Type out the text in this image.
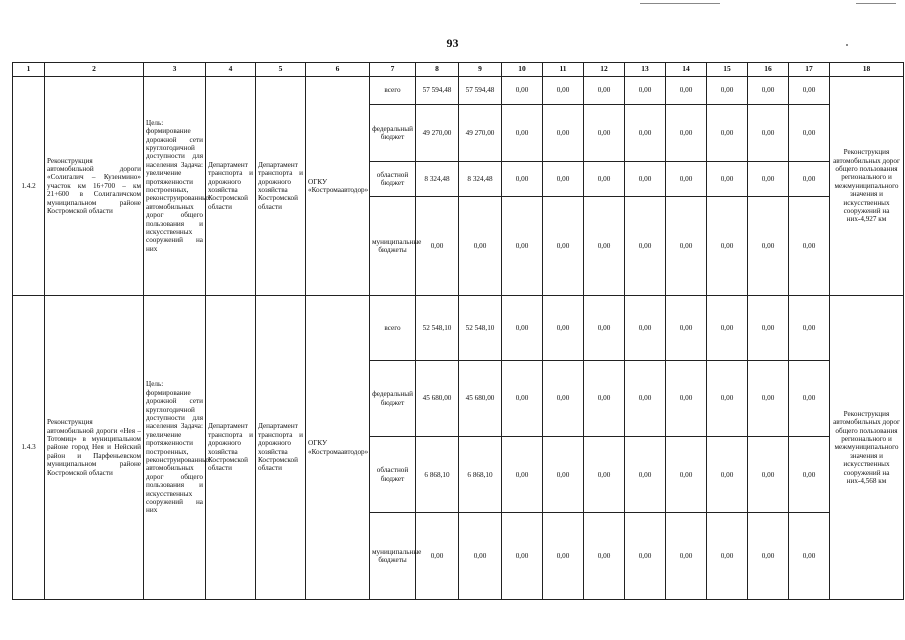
93
1	2	3	4	5	6	7	8	9	10	11	12	13	14	15	16	17	18
1.4.2	Реконструкция автомобильной дороги «Солигалич – Кузенмино» участок км 16+700 – км 21+600 в Солигаличском муниципальном районе Костромской области	Цель: формирование дорожной сети круглогодичной доступности для населения Задача: увеличение протяженности построенных, реконструированных автомобильных дорог общего пользования и искусственных сооружений на них	Департамент транспорта и дорожного хозяйства Костромской области	Департамент транспорта и дорожного хозяйства Костромской области	ОГКУ «Костромаавтодор»	всего	57 594,48	57 594,48	0,00	0,00	0,00	0,00	0,00	0,00	0,00	0,00	Реконструкция автомобильных дорог общего пользования регионального и межмуниципального значения и искусственных сооружений на них-4,927 км
						федеральный бюджет	49 270,00	49 270,00	0,00	0,00	0,00	0,00	0,00	0,00	0,00	0,00	
						областной бюджет	8 324,48	8 324,48	0,00	0,00	0,00	0,00	0,00	0,00	0,00	0,00	
						муниципальные бюджеты	0,00	0,00	0,00	0,00	0,00	0,00	0,00	0,00	0,00	0,00	
1.4.3	Реконструкция автомобильной дороги «Нея – Тотомиц» в муниципальном районе город Нея и Нейский район и Парфеньевском муниципальном районе Костромской области	Цель: формирование дорожной сети круглогодичной доступности для населения Задача: увеличение протяженности построенных, реконструированных автомобильных дорог общего пользования и искусственных сооружений на них	Департамент транспорта и дорожного хозяйства Костромской области	Департамент транспорта и дорожного хозяйства Костромской области	ОГКУ «Костромаавтодор»	всего	52 548,10	52 548,10	0,00	0,00	0,00	0,00	0,00	0,00	0,00	0,00	Реконструкция автомобильных дорог общего пользования регионального и межмуниципального значения и искусственных сооружений на них-4,568 км
						федеральный бюджет	45 680,00	45 680,00	0,00	0,00	0,00	0,00	0,00	0,00	0,00	0,00	
						областной бюджет	6 868,10	6 868,10	0,00	0,00	0,00	0,00	0,00	0,00	0,00	0,00	
						муниципальные бюджеты	0,00	0,00	0,00	0,00	0,00	0,00	0,00	0,00	0,00	0,00	
